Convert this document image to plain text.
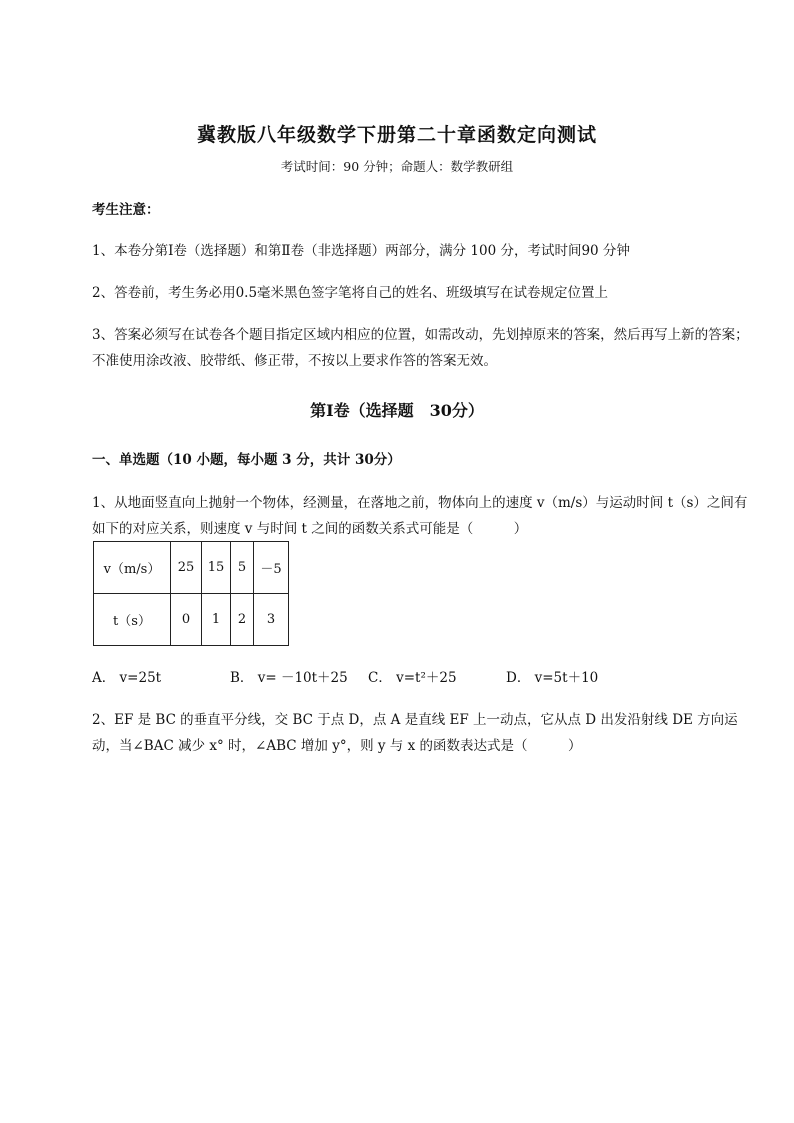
冀教版八年级数学下册第二十章函数定向测试
考试时间：90 分钟；命题人：数学教研组
考生注意：
1、本卷分第Ⅰ卷（选择题）和第Ⅱ卷（非选择题）两部分，满分 100 分，考试时间90 分钟
2、答卷前，考生务必用0.5毫米黑色签字笔将自己的姓名、班级填写在试卷规定位置上
3、答案必须写在试卷各个题目指定区域内相应的位置，如需改动，先划掉原来的答案，然后再写上新的答案；不准使用涂改液、胶带纸、修正带，不按以上要求作答的答案无效。
第Ⅰ卷（选择题　30分）
一、单选题（10 小题，每小题 3 分，共计 30分）
1、从地面竖直向上抛射一个物体，经测量，在落地之前，物体向上的速度 v（m/s）与运动时间 t（s）之间有如下的对应关系，则速度 v 与时间 t 之间的函数关系式可能是（　　　）
v（m/s）	25	15	5	－5
t（s）	0	1	2	3
A． v=25t	B． v= －10t＋25 C． v=t²＋25	D． v=5t＋10
2、EF 是 BC 的垂直平分线，交 BC 于点 D，点 A 是直线 EF 上一动点，它从点 D 出发沿射线 DE 方向运动，当∠BAC 减少 x° 时，∠ABC 增加 y°，则 y 与 x 的函数表达式是（　　　）
